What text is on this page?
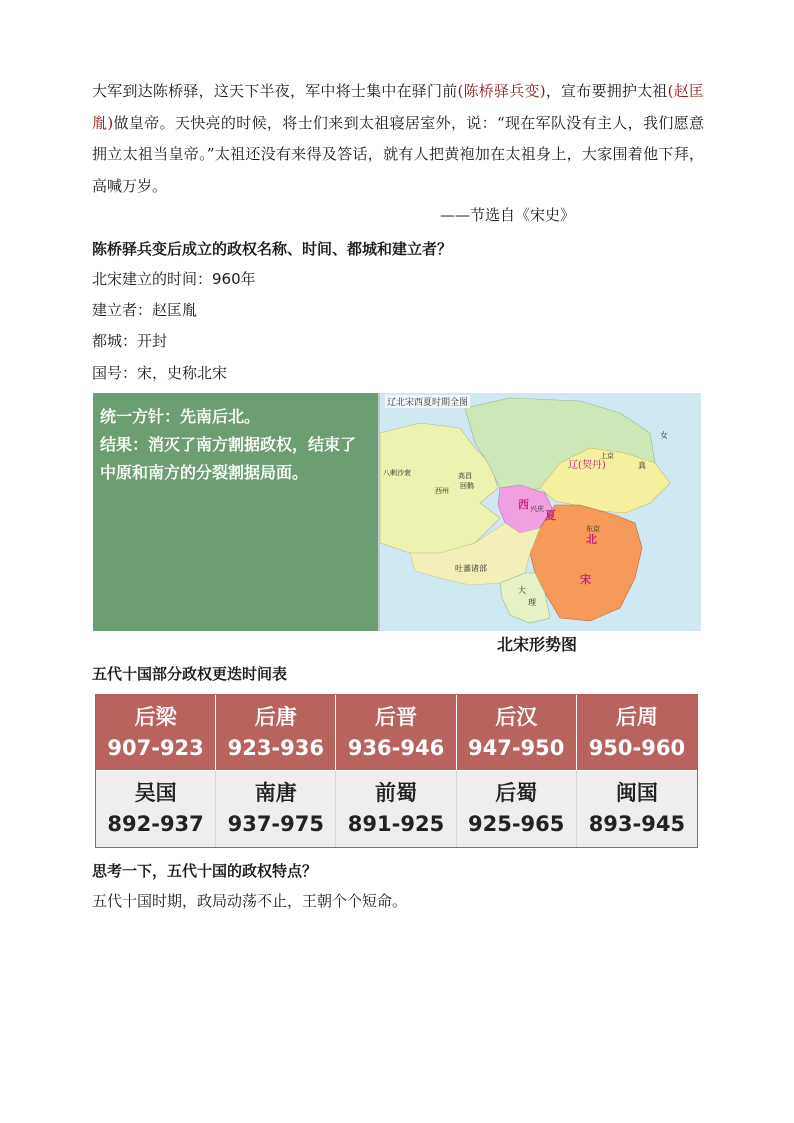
大军到达陈桥驿，这天下半夜，军中将士集中在驿门前(陈桥驿兵变)，宣布要拥护太祖(赵匡胤)做皇帝。天快亮的时候，将士们来到太祖寝居室外，说：“现在军队没有主人，我们愿意拥立太祖当皇帝。”太祖还没有来得及答话，就有人把黄袍加在太祖身上，大家围着他下拜，高喊万岁。
——节选自《宋史》
陈桥驿兵变后成立的政权名称、时间、都城和建立者？
北宋建立的时间：960年
建立者：赵匡胤
都城：开封
国号：宋，史称北宋
统一方针：先南后北。
结果：消灭了南方割据政权，结束了中原和南方的分裂割据局面。	辽(契丹)
上京
女
真
西
夏
兴庆
北
宋
东京
吐蕃诸部
大
理
高昌
回鹘
西州
八剌沙衮
辽北宋西夏时期全图
北宋形势图
五代十国部分政权更迭时间表
后梁
907-923
后唐
923-936
后晋
936-946
后汉
947-950
后周
950-960
吴国
892-937
南唐
937-975
前蜀
891-925
后蜀
925-965
闽国
893-945
思考一下，五代十国的政权特点？
五代十国时期，政局动荡不止，王朝个个短命。
